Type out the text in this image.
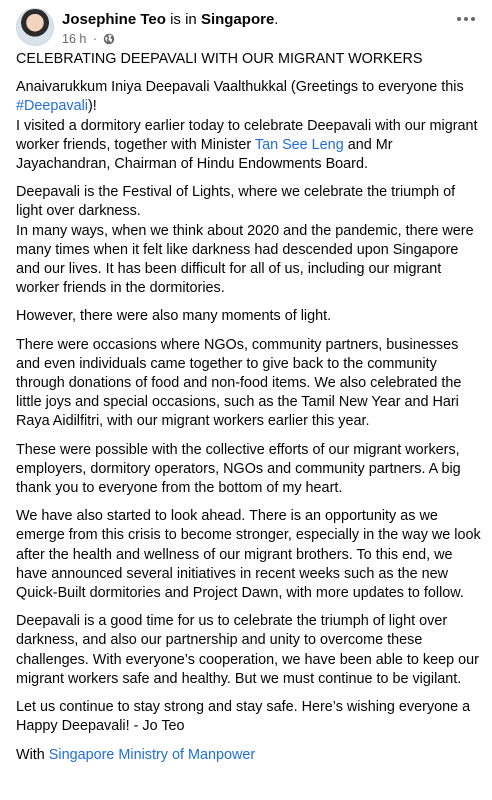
Josephine Teo is in Singapore.
16 h ·

CELEBRATING DEEPAVALI WITH OUR MIGRANT WORKERS

Anaivarukkum Iniya Deepavali Vaalthukkal (Greetings to everyone this #Deepavali)!
I visited a dormitory earlier today to celebrate Deepavali with our migrant worker friends, together with Minister Tan See Leng and Mr Jayachandran, Chairman of Hindu Endowments Board.

Deepavali is the Festival of Lights, where we celebrate the triumph of light over darkness.
In many ways, when we think about 2020 and the pandemic, there were many times when it felt like darkness had descended upon Singapore and our lives. It has been difficult for all of us, including our migrant worker friends in the dormitories.

However, there were also many moments of light.

There were occasions where NGOs, community partners, businesses and even individuals came together to give back to the community through donations of food and non-food items. We also celebrated the little joys and special occasions, such as the Tamil New Year and Hari Raya Aidilfitri, with our migrant workers earlier this year.

These were possible with the collective efforts of our migrant workers, employers, dormitory operators, NGOs and community partners. A big thank you to everyone from the bottom of my heart.

We have also started to look ahead. There is an opportunity as we emerge from this crisis to become stronger, especially in the way we look after the health and wellness of our migrant brothers. To this end, we have announced several initiatives in recent weeks such as the new Quick-Built dormitories and Project Dawn, with more updates to follow.

Deepavali is a good time for us to celebrate the triumph of light over darkness, and also our partnership and unity to overcome these challenges. With everyone’s cooperation, we have been able to keep our migrant workers safe and healthy. But we must continue to be vigilant.

Let us continue to stay strong and stay safe. Here’s wishing everyone a Happy Deepavali! - Jo Teo

With Singapore Ministry of Manpower
